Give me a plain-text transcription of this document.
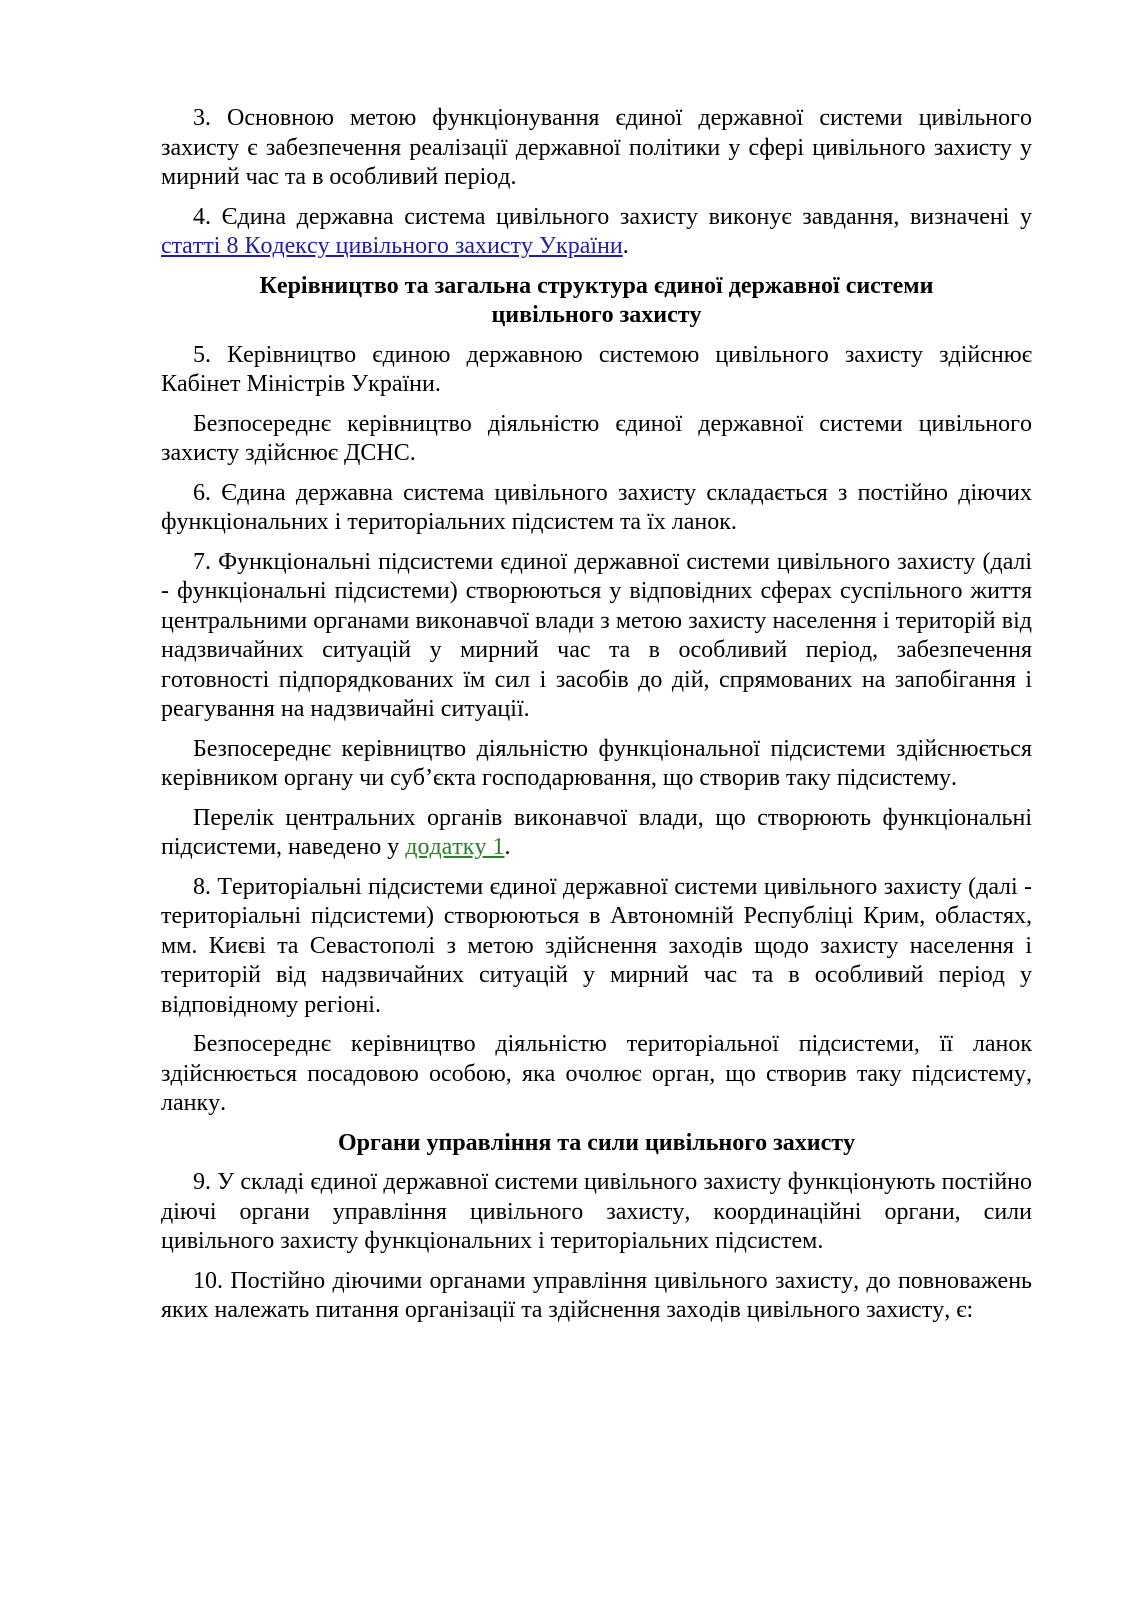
3. Основною метою функціонування єдиної державної системи цивільного захисту є забезпечення реалізації державної політики у сфері цивільного захисту у мирний час та в особливий період.

4. Єдина державна система цивільного захисту виконує завдання, визначені у статті 8 Кодексу цивільного захисту України.

Керівництво та загальна структура єдиної державної системи
цивільного захисту

5. Керівництво єдиною державною системою цивільного захисту здійснює Кабінет Міністрів України.

Безпосереднє керівництво діяльністю єдиної державної системи цивільного захисту здійснює ДСНС.

6. Єдина державна система цивільного захисту складається з постійно діючих функціональних і територіальних підсистем та їх ланок.

7. Функціональні підсистеми єдиної державної системи цивільного захисту (далі - функціональні підсистеми) створюються у відповідних сферах суспільного життя центральними органами виконавчої влади з метою захисту населення і територій від надзвичайних ситуацій у мирний час та в особливий період, забезпечення готовності підпорядкованих їм сил і засобів до дій, спрямованих на запобігання і реагування на надзвичайні ситуації.

Безпосереднє керівництво діяльністю функціональної підсистеми здійснюється керівником органу чи суб’єкта господарювання, що створив таку підсистему.

Перелік центральних органів виконавчої влади, що створюють функціональні підсистеми, наведено у додатку 1.

8. Територіальні підсистеми єдиної державної системи цивільного захисту (далі - територіальні підсистеми) створюються в Автономній Республіці Крим, областях, мм. Києві та Севастополі з метою здійснення заходів щодо захисту населення і територій від надзвичайних ситуацій у мирний час та в особливий період у відповідному регіоні.

Безпосереднє керівництво діяльністю територіальної підсистеми, її ланок здійснюється посадовою особою, яка очолює орган, що створив таку підсистему, ланку.

Органи управління та сили цивільного захисту

9. У складі єдиної державної системи цивільного захисту функціонують постійно діючі органи управління цивільного захисту, координаційні органи, сили цивільного захисту функціональних і територіальних підсистем.

10. Постійно діючими органами управління цивільного захисту, до повноважень яких належать питання організації та здійснення заходів цивільного захисту, є:
